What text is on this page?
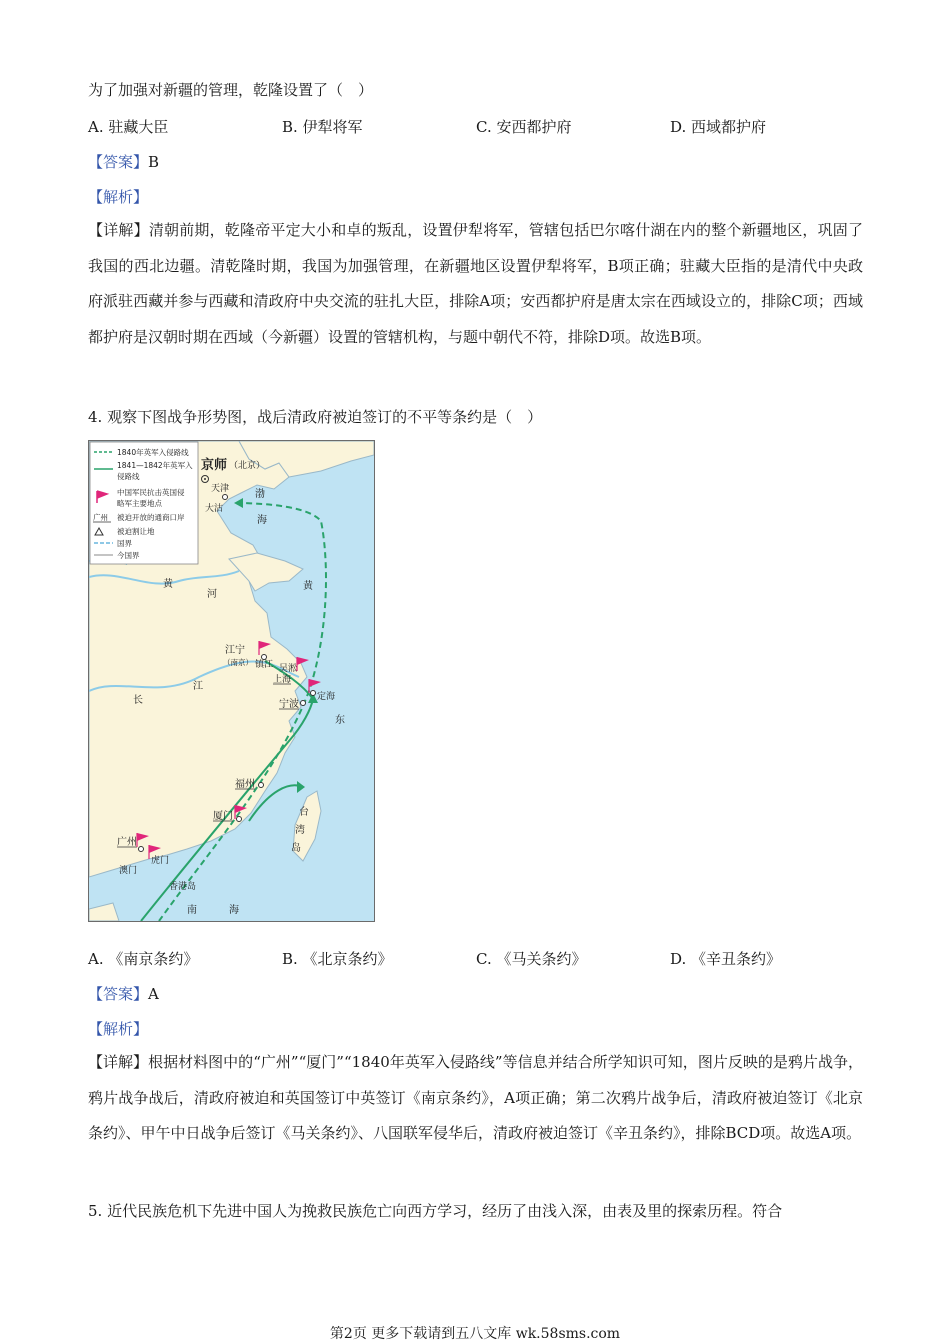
为了加强对新疆的管理，乾隆设置了（　）
A. 驻藏大臣	B. 伊犁将军	C. 安西都护府	D. 西域都护府
【答案】B
【解析】
【详解】清朝前期，乾隆帝平定大小和卓的叛乱，设置伊犁将军，管辖包括巴尔喀什湖在内的整个新疆地区，巩固了我国的西北边疆。清乾隆时期，我国为加强管理，在新疆地区设置伊犁将军，B项正确；驻藏大臣指的是清代中央政府派驻西藏并参与西藏和清政府中央交流的驻扎大臣，排除A项；安西都护府是唐太宗在西域设立的，排除C项；西域都护府是汉朝时期在西域（今新疆）设置的管辖机构，与题中朝代不符，排除D项。故选B项。
4. 观察下图战争形势图，战后清政府被迫签订的不平等条约是（　）
1840年英军入侵路线
1841—1842年英军入
侵路线
中国军民抗击英国侵
略军主要地点
广州 被迫开放的通商口岸
被迫割让地
国界
今国界
京师 （北京）
天津
大沽
渤
海
黄
河
长
江
黄
东
江宁
（南京） 镇江 吴淞
上海
定海
宁波
福州
厦门	台
湾
岛
广州
虎门
澳门
香港岛
南	海
A. 《南京条约》	B. 《北京条约》	C. 《马关条约》	D. 《辛丑条约》
【答案】A
【解析】
【详解】根据材料图中的“广州”“厦门”“1840年英军入侵路线”等信息并结合所学知识可知，图片反映的是鸦片战争，鸦片战争战后，清政府被迫和英国签订中英签订《南京条约》，A项正确；第二次鸦片战争后，清政府被迫签订《北京条约》、甲午中日战争后签订《马关条约》、八国联军侵华后，清政府被迫签订《辛丑条约》，排除BCD项。故选A项。
5. 近代民族危机下先进中国人为挽救民族危亡向西方学习，经历了由浅入深，由表及里的探索历程。符合
第2页 更多下载请到五八文库 wk.58sms.com
